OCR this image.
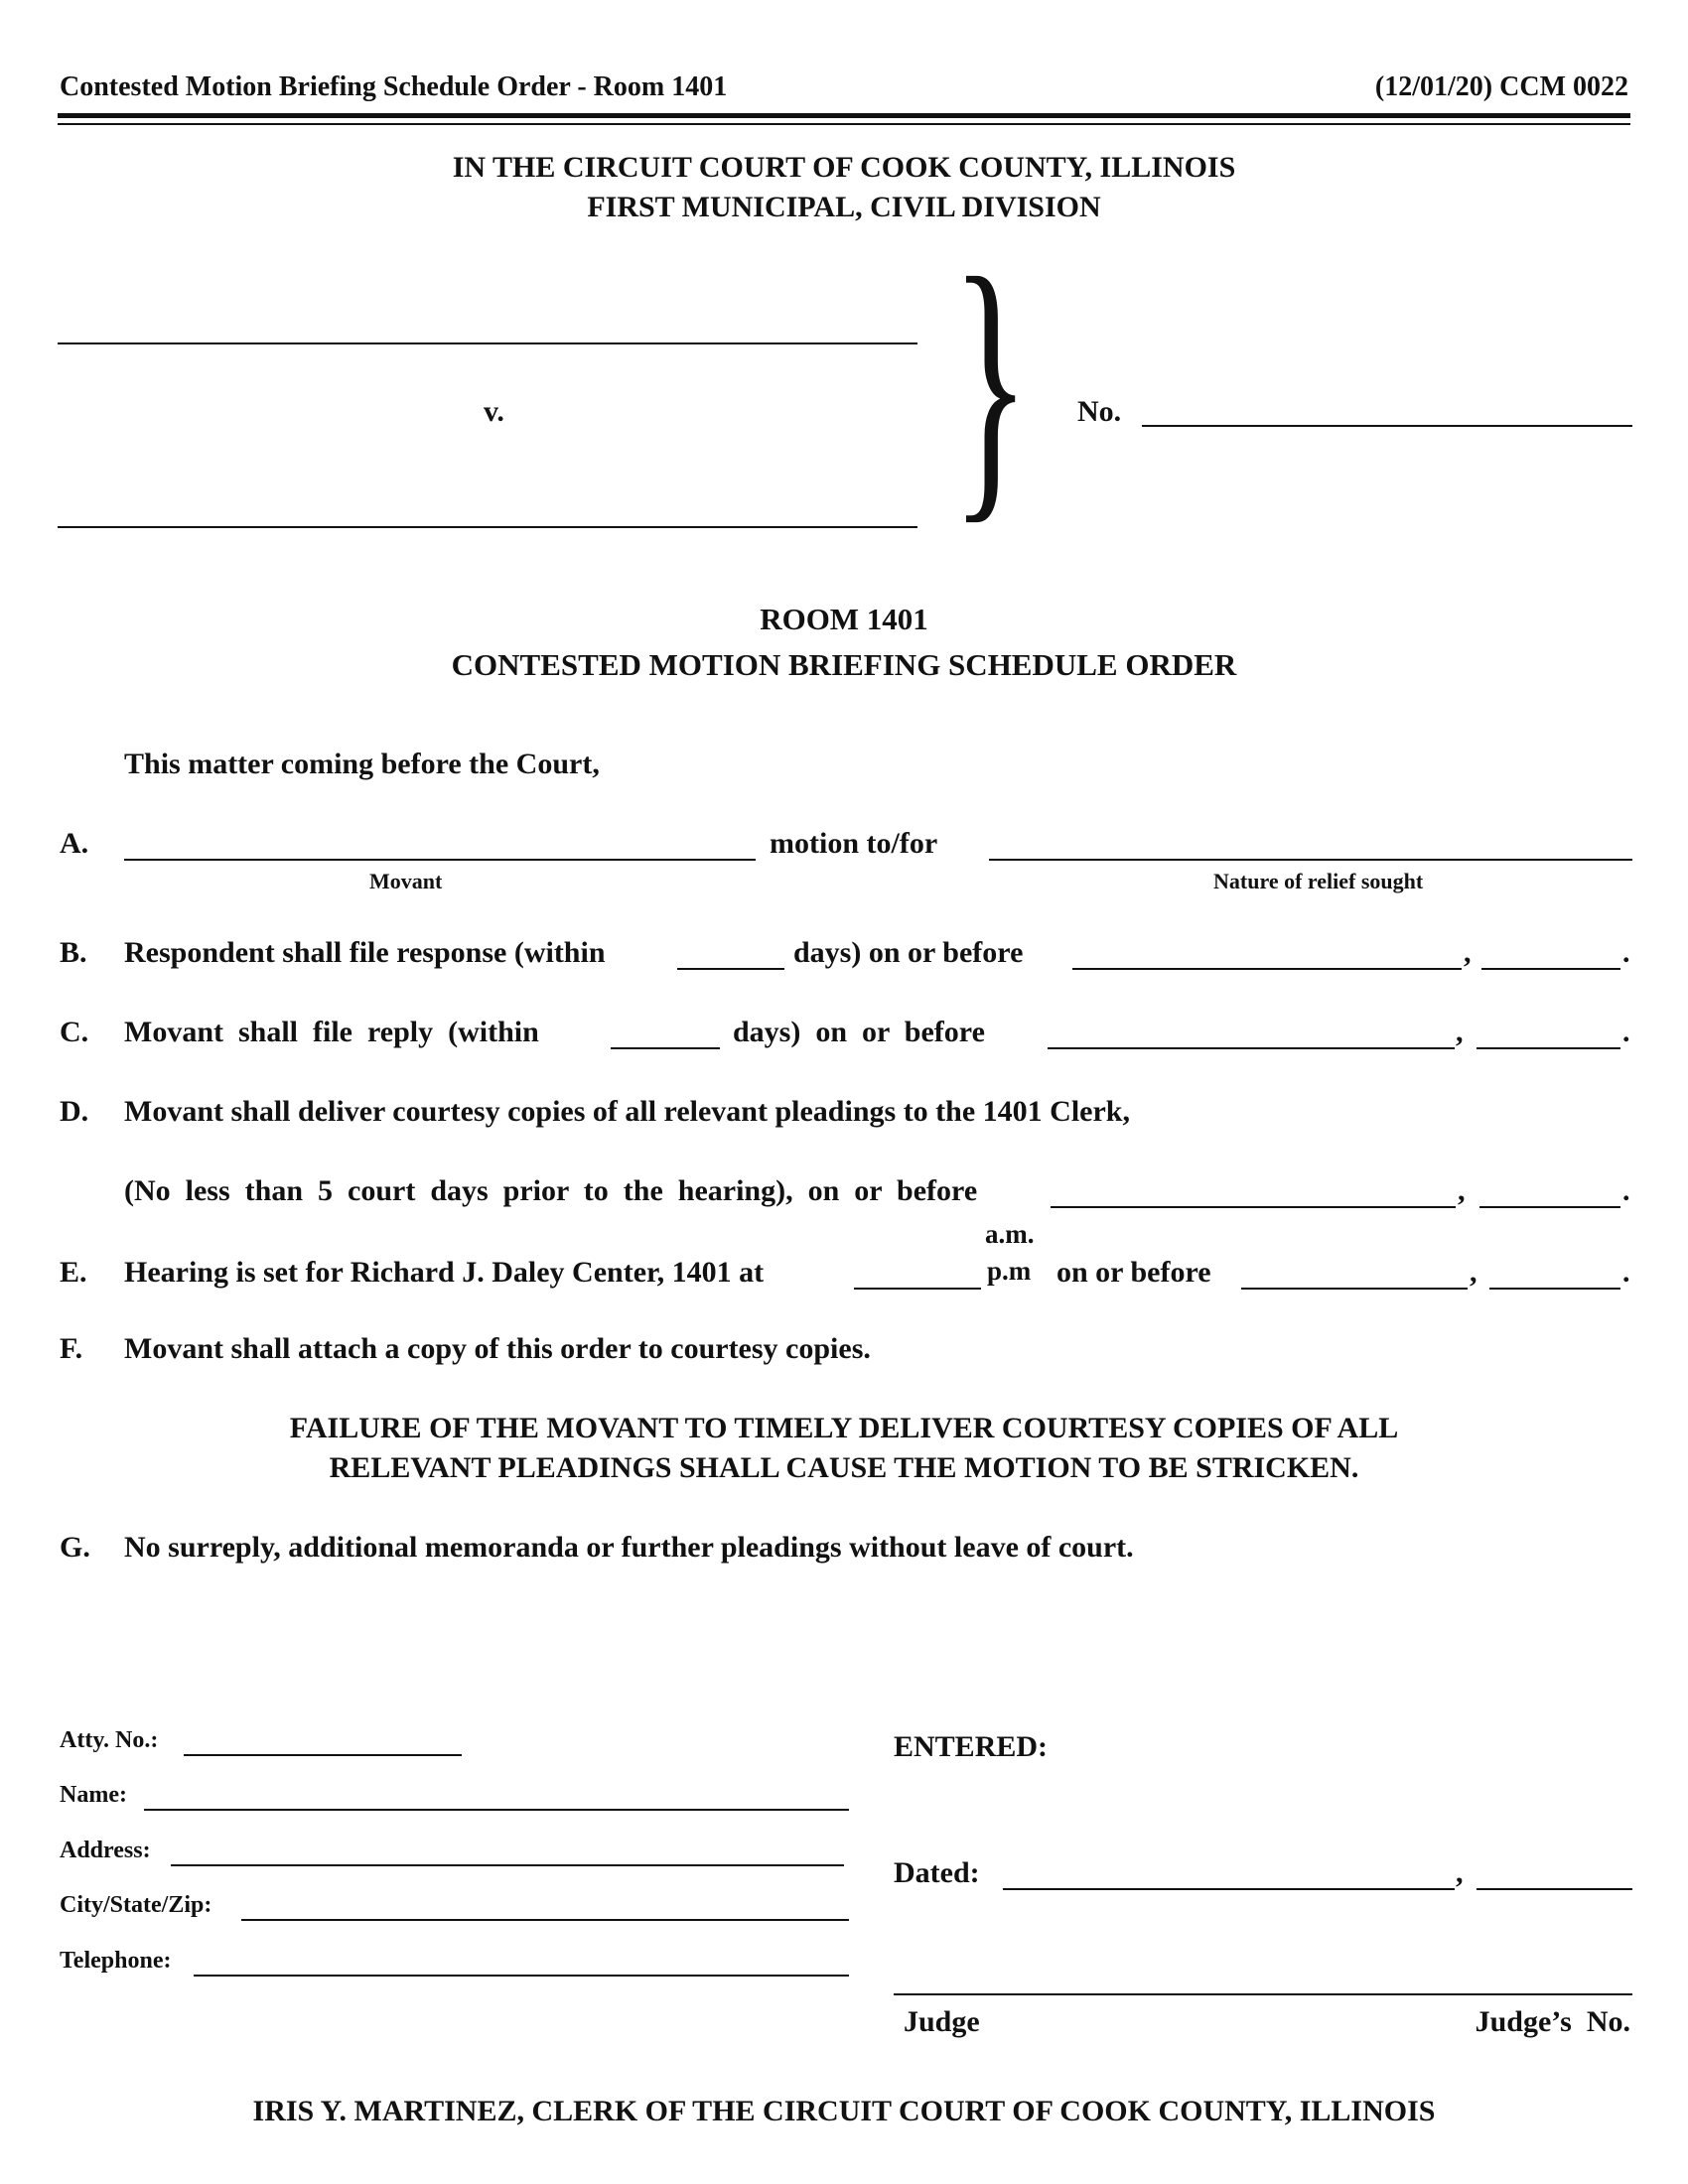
Contested Motion Briefing Schedule Order - Room 1401	(12/01/20) CCM 0022
IN THE CIRCUIT COURT OF COOK COUNTY, ILLINOIS
FIRST MUNICIPAL, CIVIL DIVISION
v. } No.
ROOM 1401
CONTESTED MOTION BRIEFING SCHEDULE ORDER
This matter coming before the Court,
A.	motion to/for
Movant	Nature of relief sought
B. Respondent shall file response (within	days) on or before	,	.
C. Movant  shall  file  reply  (within	days)  on  or  before	,	.
D. Movant shall deliver courtesy copies of all relevant pleadings to the 1401 Clerk,
(No  less  than  5  court  days  prior  to  the  hearing),  on  or  before	,	.
E. Hearing is set for Richard J. Daley Center, 1401 at
a.m.
p.m on or before	,	.
F. Movant shall attach a copy of this order to courtesy copies.
FAILURE OF THE MOVANT TO TIMELY DELIVER COURTESY COPIES OF ALL
RELEVANT PLEADINGS SHALL CAUSE THE MOTION TO BE STRICKEN.
G. No surreply, additional memoranda or further pleadings without leave of court.
Atty. No.:
Name:
Address:
City/State/Zip:
Telephone:
ENTERED:
Dated:	,
Judge	Judge’s  No.
IRIS Y. MARTINEZ, CLERK OF THE CIRCUIT COURT OF COOK COUNTY, ILLINOIS
